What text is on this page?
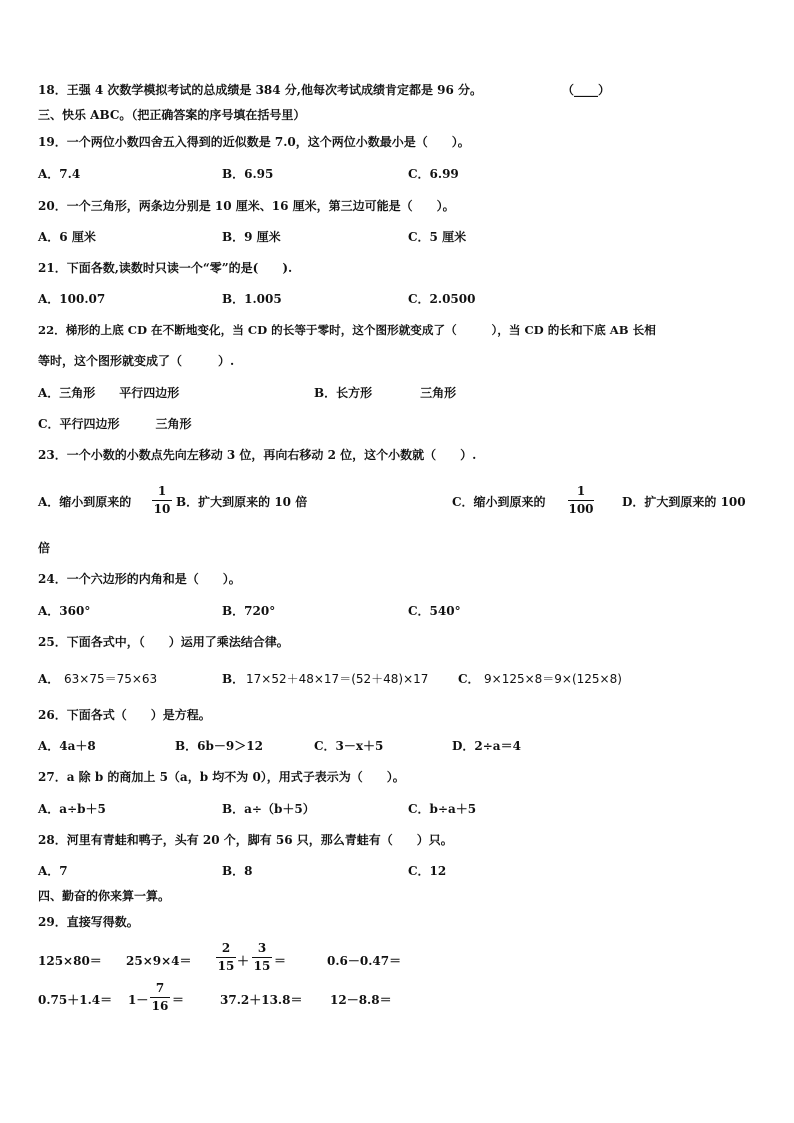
18．王强 4 次数学模拟考试的总成绩是 384 分,他每次考试成绩肯定都是 96 分。	（____）
三、快乐 ABC。（把正确答案的序号填在括号里）
19．一个两位小数四舍五入得到的近似数是 7.0，这个两位小数最小是（　　）。
A．7.4	B．6.95	C．6.99
20．一个三角形，两条边分别是 10 厘米、16 厘米，第三边可能是（　　）。
A．6 厘米	B．9 厘米	C．5 厘米
21．下面各数,读数时只读一个“零”的是(　　).
A．100.07	B．1.005	C．2.0500
22．梯形的上底 CD 在不断地变化，当 CD 的长等于零时，这个图形就变成了（　　　），当 CD 的长和下底 AB 长相
等时，这个图形就变成了（　　　）.
A．三角形　　平行四边形	B．长方形　　　　三角形
C．平行四边形　　　三角形
23．一个小数的小数点先向左移动 3 位，再向右移动 2 位，这个小数就（　　）.
A．缩小到原来的
1
10 B．扩大到原来的 10 倍	C．缩小到原来的
1
100 D．扩大到原来的 100
倍
24．一个六边形的内角和是（　　）。
A．360°	B．720°	C．540°
25．下面各式中，（　　）运用了乘法结合律。
A． 63×75＝75×63	B． 17×52＋48×17＝(52＋48)×17 C． 9×125×8＝9×(125×8)
26．下面各式（　　）是方程。
A．4a＋8	B．6b－9＞12	C．3－x＋5	D．2÷a＝4
27．a 除 b 的商加上 5（a，b 均不为 0），用式子表示为（　　）。
A．a÷b＋5	B．a÷（b＋5）	C．b÷a＋5
28．河里有青蛙和鸭子，头有 20 个，脚有 56 只，那么青蛙有（　　）只。
A．7	B．8	C．12
四、勤奋的你来算一算。
29．直接写得数。
125×80＝ 25×9×4＝
2
15 ＋
3
15 ＝	0.6－0.47＝
0.75＋1.4＝ 1－
7
16 ＝	37.2＋13.8＝ 12－8.8＝
